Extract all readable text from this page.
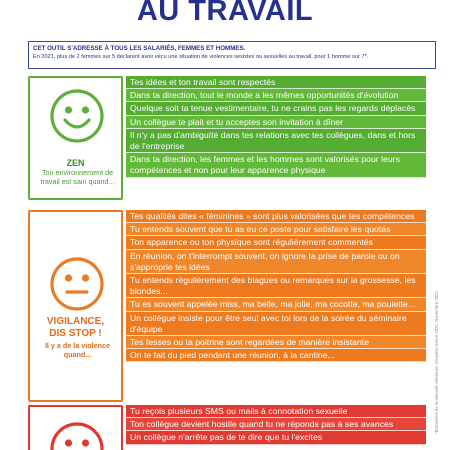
AU TRAVAIL
CET OUTIL S'ADRESSE À TOUS LES SALARIÉS, FEMMES ET HOMMES.
En 2021, plus de 2 femmes sur 5 déclarent avoir vécu une situation de violences sexistes ou sexuelles au travail, pour 1 homme sur 7*.
ZEN
Ton environnement de travail est sain quand...
Tes idées et ton travail sont respectés
Dans ta direction, tout le monde a les mêmes opportunités d'évolution
Quelque soit ta tenue vestimentaire, tu ne crains pas les regards déplacés
Un collègue te plait et tu acceptes son invitation à dîner
Il n'y a pas d'ambiguïté dans tes relations avec tes collègues, dans et hors de l'entreprise
Dans ta direction, les femmes et les hommes sont valorisés pour leurs compétences et non pour leur apparence physique
VIGILANCE,
DIS STOP !
Il y a de la violence quand...
Tes qualités dites « féminines » sont plus valorisées que tes compétences
Tu entends souvent que tu as eu ce poste pour satisfaire les quotas
Ton apparence ou ton physique sont régulièrement commentés
En réunion, on t'interrompt souvent, on ignore ta prise de parole ou on s'approprie tes idées
Tu entends régulièrement des blagues ou remarques sur la grossesse, les blondes...
Tu es souvent appelée miss, ma belle, ma jolie, ma cocotte, ma poulette...
Un collègue insiste pour être seul avec toi lors de la soirée du séminaire d'équipe
Tes fesses ou ta poitrine sont regardées de manière insistante
On te fait du pied pendant une réunion, à la cantine...
Tu reçois plusieurs SMS ou mails à connotation sexuelle
Ton collègue devient hostile quand tu ne réponds pas à ses avances
Un collègue n'arrête pas de te dire que tu l'excites
*Baromètre de la sécurité intérieure. Enquête Genre 2021. Novembre 2022
